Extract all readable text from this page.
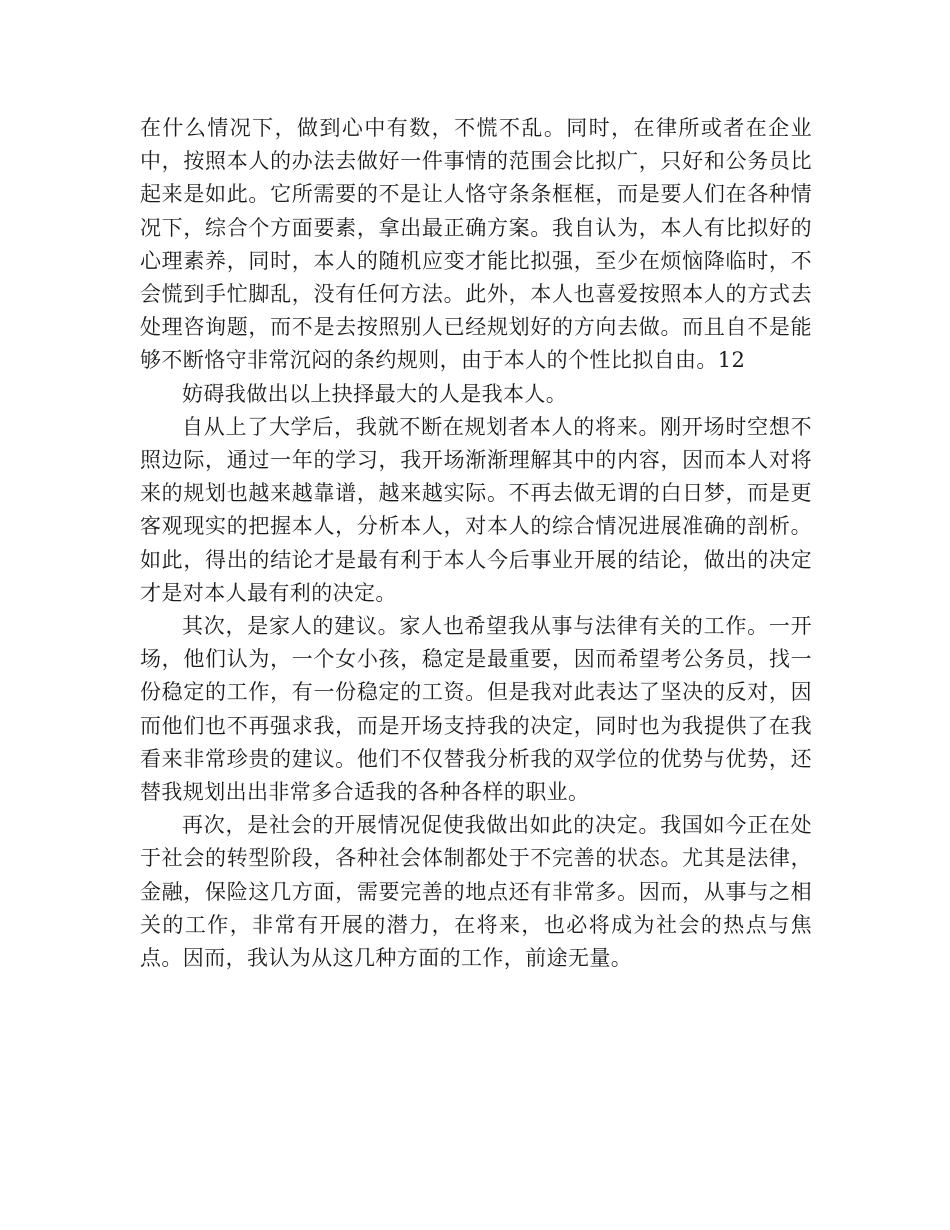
在什么情况下，做到心中有数，不慌不乱。同时，在律所或者在企业中，按照本人的办法去做好一件事情的范围会比拟广，只好和公务员比起来是如此。它所需要的不是让人恪守条条框框，而是要人们在各种情况下，综合个方面要素，拿出最正确方案。我自认为，本人有比拟好的心理素养，同时，本人的随机应变才能比拟强，至少在烦恼降临时，不会慌到手忙脚乱，没有任何方法。此外，本人也喜爱按照本人的方式去处理咨询题，而不是去按照别人已经规划好的方向去做。而且自不是能够不断恪守非常沉闷的条约规则，由于本人的个性比拟自由。12

妨碍我做出以上抉择最大的人是我本人。

自从上了大学后，我就不断在规划者本人的将来。刚开场时空想不照边际，通过一年的学习，我开场渐渐理解其中的内容，因而本人对将来的规划也越来越靠谱，越来越实际。不再去做无谓的白日梦，而是更客观现实的把握本人，分析本人，对本人的综合情况进展准确的剖析。如此，得出的结论才是最有利于本人今后事业开展的结论，做出的决定才是对本人最有利的决定。

其次，是家人的建议。家人也希望我从事与法律有关的工作。一开场，他们认为，一个女小孩，稳定是最重要，因而希望考公务员，找一份稳定的工作，有一份稳定的工资。但是我对此表达了坚决的反对，因而他们也不再强求我，而是开场支持我的决定，同时也为我提供了在我看来非常珍贵的建议。他们不仅替我分析我的双学位的优势与优势，还替我规划出出非常多合适我的各种各样的职业。

再次，是社会的开展情况促使我做出如此的决定。我国如今正在处于社会的转型阶段，各种社会体制都处于不完善的状态。尤其是法律，金融，保险这几方面，需要完善的地点还有非常多。因而，从事与之相关的工作，非常有开展的潜力，在将来，也必将成为社会的热点与焦点。因而，我认为从这几种方面的工作，前途无量。
